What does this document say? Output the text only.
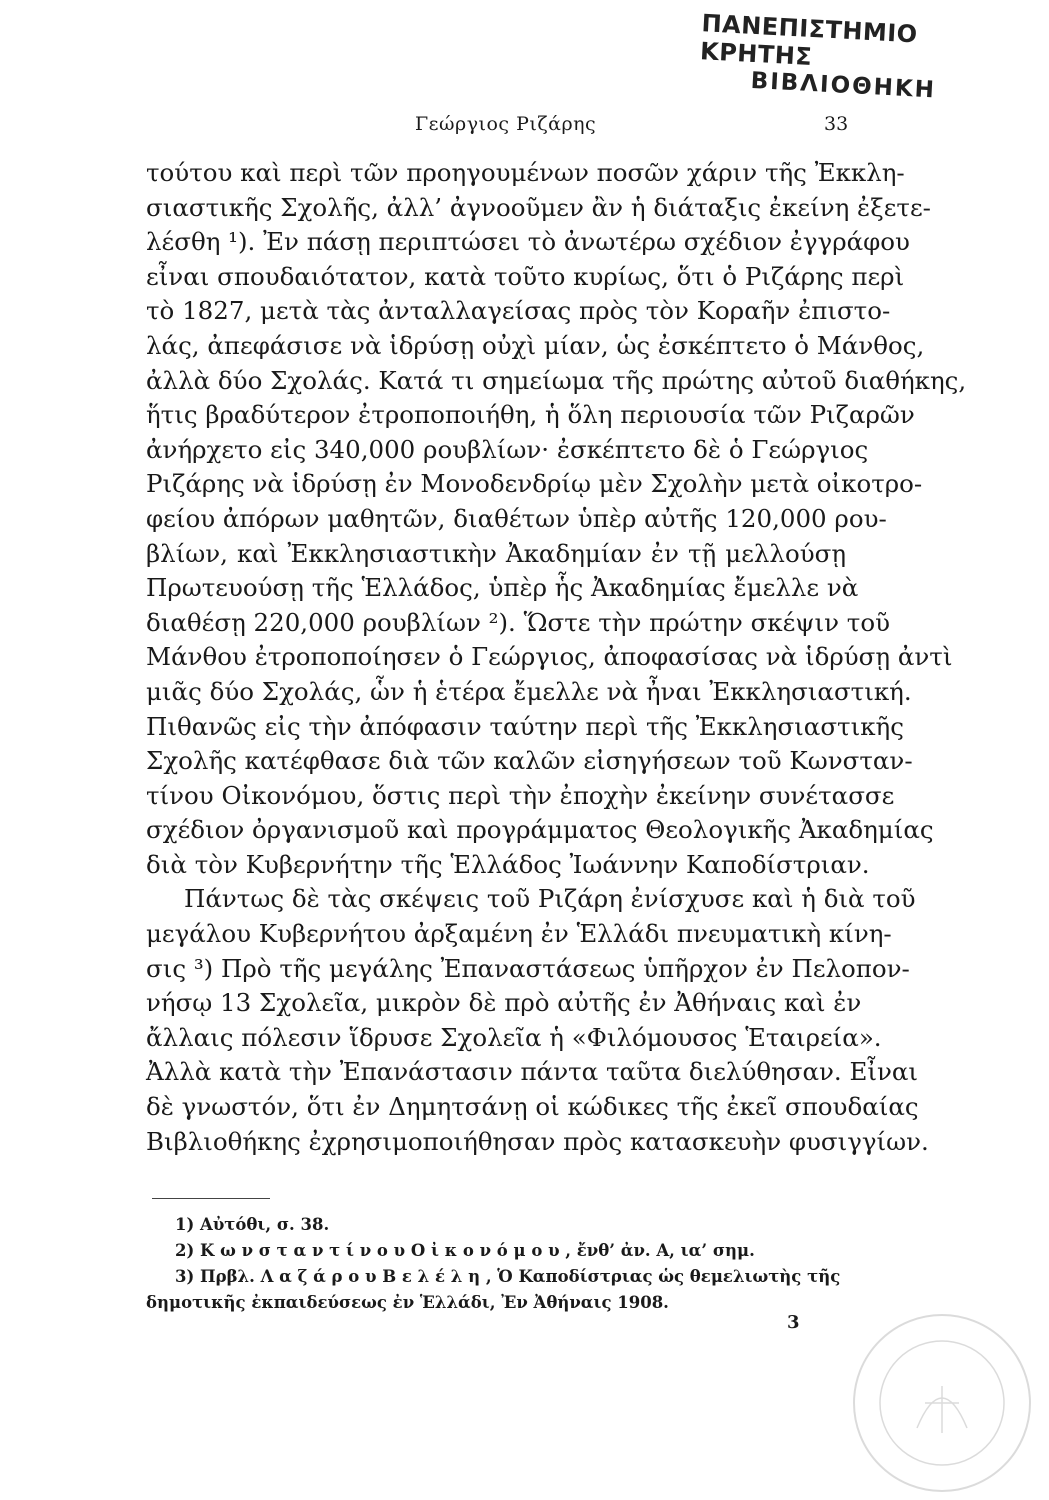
ΠΑΝΕΠΙΣΤΗΜΙΟ ΚΡΗΤΗΣ
ΒΙΒΛΙΟΘΗΚΗ
Γεώργιος Ριζάρης	33
τούτου καὶ περὶ τῶν προηγουμένων ποσῶν χάριν τῆς Ἐκκλη-
σιαστικῆς Σχολῆς, ἀλλ’ ἀγνοοῦμεν ἂν ἡ διάταξις ἐκείνη ἐξετε-
λέσθη ¹). Ἐν πάσῃ περιπτώσει τὸ ἀνωτέρω σχέδιον ἐγγράφου
εἶναι σπουδαιότατον, κατὰ τοῦτο κυρίως, ὅτι ὁ Ριζάρης περὶ
τὸ 1827, μετὰ τὰς ἀνταλλαγείσας πρὸς τὸν Κοραῆν ἐπιστο-
λάς, ἀπεφάσισε νὰ ἱδρύσῃ οὐχὶ μίαν, ὡς ἐσκέπτετο ὁ Μάνθος,
ἀλλὰ δύο Σχολάς. Κατά τι σημείωμα τῆς πρώτης αὐτοῦ διαθήκης,
ἥτις βραδύτερον ἐτροποποιήθη, ἡ ὅλη περιουσία τῶν Ριζαρῶν
ἀνήρχετο εἰς 340,000 ρουβλίων· ἐσκέπτετο δὲ ὁ Γεώργιος
Ριζάρης νὰ ἱδρύσῃ ἐν Μονοδενδρίῳ μὲν Σχολὴν μετὰ οἰκοτρο-
φείου ἀπόρων μαθητῶν, διαθέτων ὑπὲρ αὐτῆς 120,000 ρου-
βλίων, καὶ Ἐκκλησιαστικὴν Ἀκαδημίαν ἐν τῇ μελλούσῃ
Πρωτευούσῃ τῆς Ἑλλάδος, ὑπὲρ ἧς Ἀκαδημίας ἔμελλε νὰ
διαθέσῃ 220,000 ρουβλίων ²). Ὥστε τὴν πρώτην σκέψιν τοῦ
Μάνθου ἐτροποποίησεν ὁ Γεώργιος, ἀποφασίσας νὰ ἱδρύσῃ ἀντὶ
μιᾶς δύο Σχολάς, ὧν ἡ ἑτέρα ἔμελλε νὰ ἦναι Ἐκκλησιαστική.
Πιθανῶς εἰς τὴν ἀπόφασιν ταύτην περὶ τῆς Ἐκκλησιαστικῆς
Σχολῆς κατέφθασε διὰ τῶν καλῶν εἰσηγήσεων τοῦ Κωνσταν-
τίνου Οἰκονόμου, ὅστις περὶ τὴν ἐποχὴν ἐκείνην συνέτασσε
σχέδιον ὀργανισμοῦ καὶ προγράμματος Θεολογικῆς Ἀκαδημίας
διὰ τὸν Κυβερνήτην τῆς Ἑλλάδος Ἰωάννην Καποδίστριαν.
Πάντως δὲ τὰς σκέψεις τοῦ Ριζάρη ἐνίσχυσε καὶ ἡ διὰ τοῦ
μεγάλου Κυβερνήτου ἀρξαμένη ἐν Ἑλλάδι πνευματικὴ κίνη-
σις ³) Πρὸ τῆς μεγάλης Ἐπαναστάσεως ὑπῆρχον ἐν Πελοπον-
νήσῳ 13 Σχολεῖα, μικρὸν δὲ πρὸ αὐτῆς ἐν Ἀθήναις καὶ ἐν
ἄλλαις πόλεσιν ἵδρυσε Σχολεῖα ἡ «Φιλόμουσος Ἑταιρεία».
Ἀλλὰ κατὰ τὴν Ἐπανάστασιν πάντα ταῦτα διελύθησαν. Εἶναι
δὲ γνωστόν, ὅτι ἐν Δημητσάνῃ οἱ κώδικες τῆς ἐκεῖ σπουδαίας
Βιβλιοθήκης ἐχρησιμοποιήθησαν πρὸς κατασκευὴν φυσιγγίων.
1) Αὐτόθι, σ. 38.
2) Κ ω ν σ τ α ν τ ί ν ο υ Ο ἰ κ ο ν ό μ ο υ , ἔνθ’ ἀν. Α, ια’ σημ.
3) Πρβλ. Λ α ζ ά ρ ο υ Β ε λ έ λ η , Ὁ Καποδίστριας ὡς θεμελιωτὴς τῆς
δημοτικῆς ἐκπαιδεύσεως ἐν Ἑλλάδι, Ἐν Ἀθήναις 1908.
3
